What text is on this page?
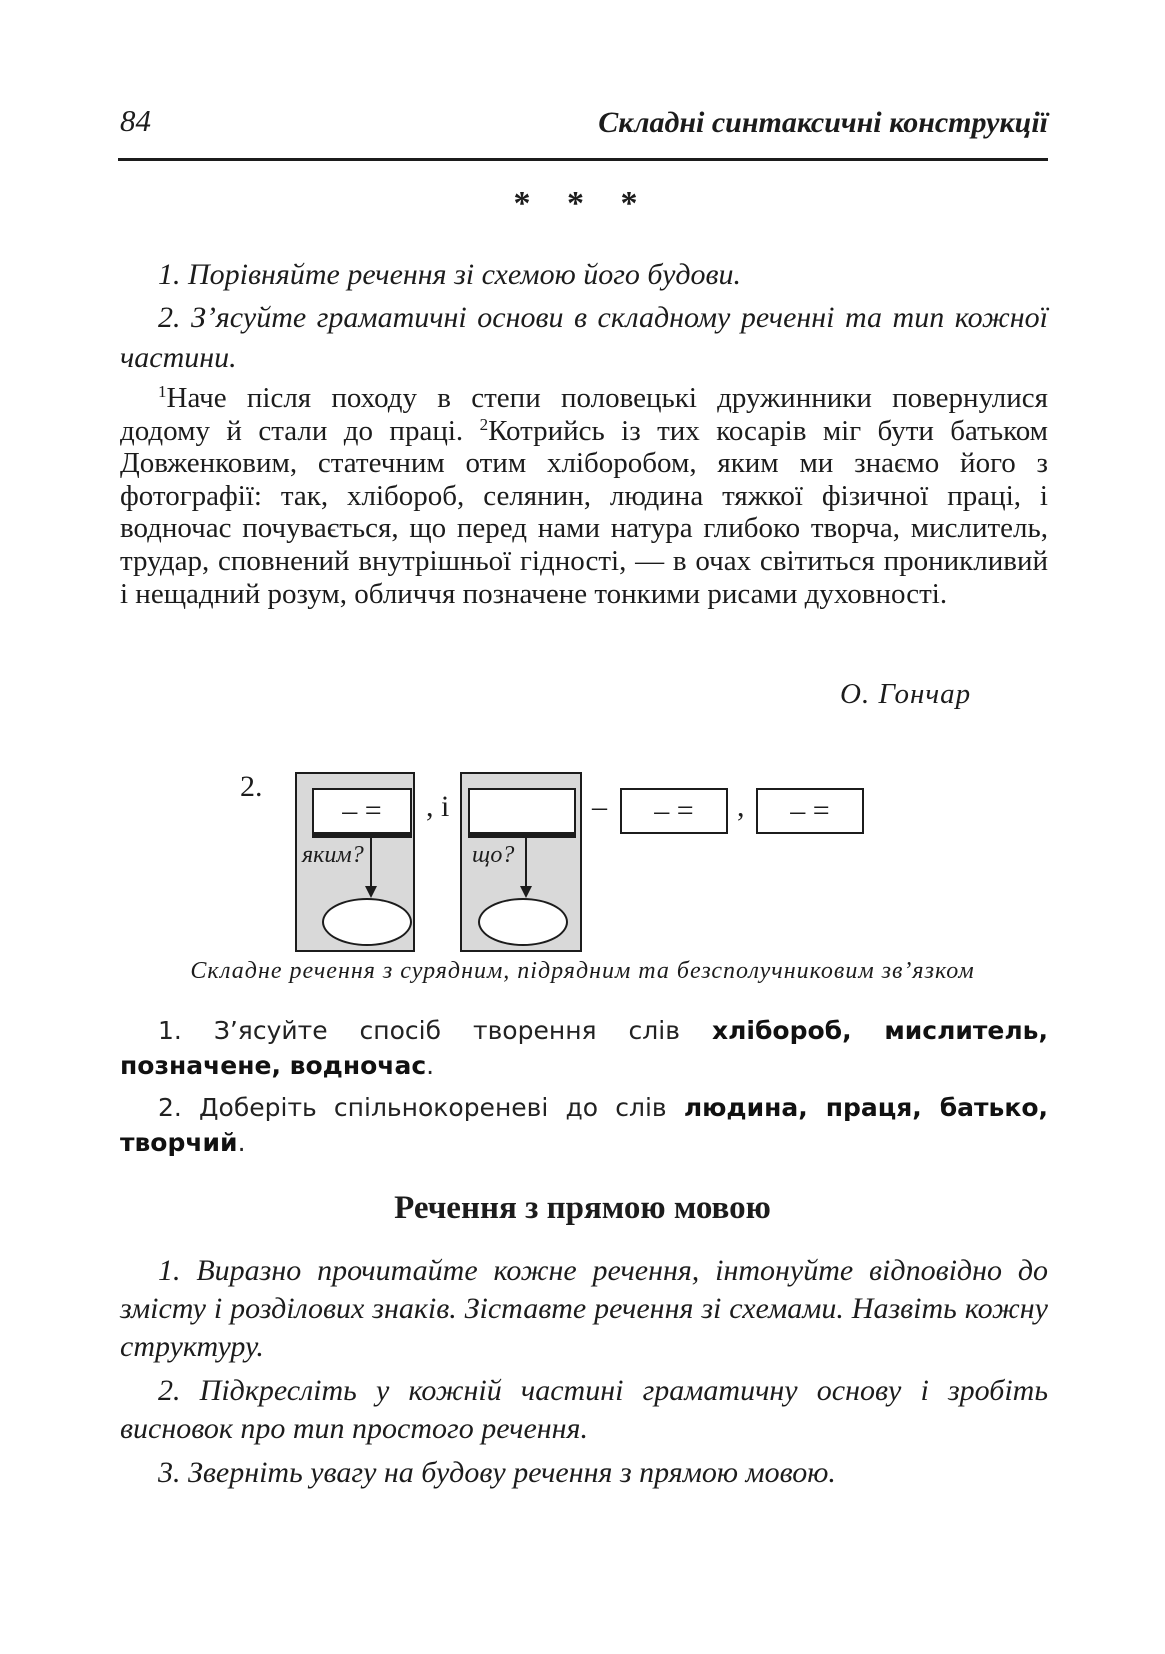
84	Складні синтаксичні конструкції
* * *

1. Порівняйте речення зі схемою його будови.

2. З’ясуйте граматичні основи в складному реченні та тип кожної частини.

$^1$Наче після походу в степи половецькі дружинники повернулися додому й стали до праці. $^2$Котрийсь із тих косарів міг бути батьком Довженковим, статечним отим хліборобом, яким ми знаємо його з фотографії: так, хлібороб, селянин, людина тяжкої фізичної праці, і водночас почувається, що перед нами натура глибоко творча, мислитель, трудар, сповнений внутрішньої гідності, — в очах світиться проникливий і нещадний розум, обличчя позначене тонкими рисами духовності.

О. Гончар
2.
– =
яким?
, і
що?
–	– =	,	– =
Складне речення з сурядним, підрядним та безсполучниковим зв’язком

1. З’ясуйте спосіб творення слів хлібороб, мислитель, позначене, водночас.

2. Доберіть спільнокореневі до слів людина, праця, батько, творчий.

Речення з прямою мовою

1. Виразно прочитайте кожне речення, інтонуйте відповідно до змісту і розділових знаків. Зіставте речення зі схемами. Назвіть кожну структуру.

2. Підкресліть у кожній частині граматичну основу і зробіть висновок про тип простого речення.

3. Зверніть увагу на будову речення з прямою мовою.
